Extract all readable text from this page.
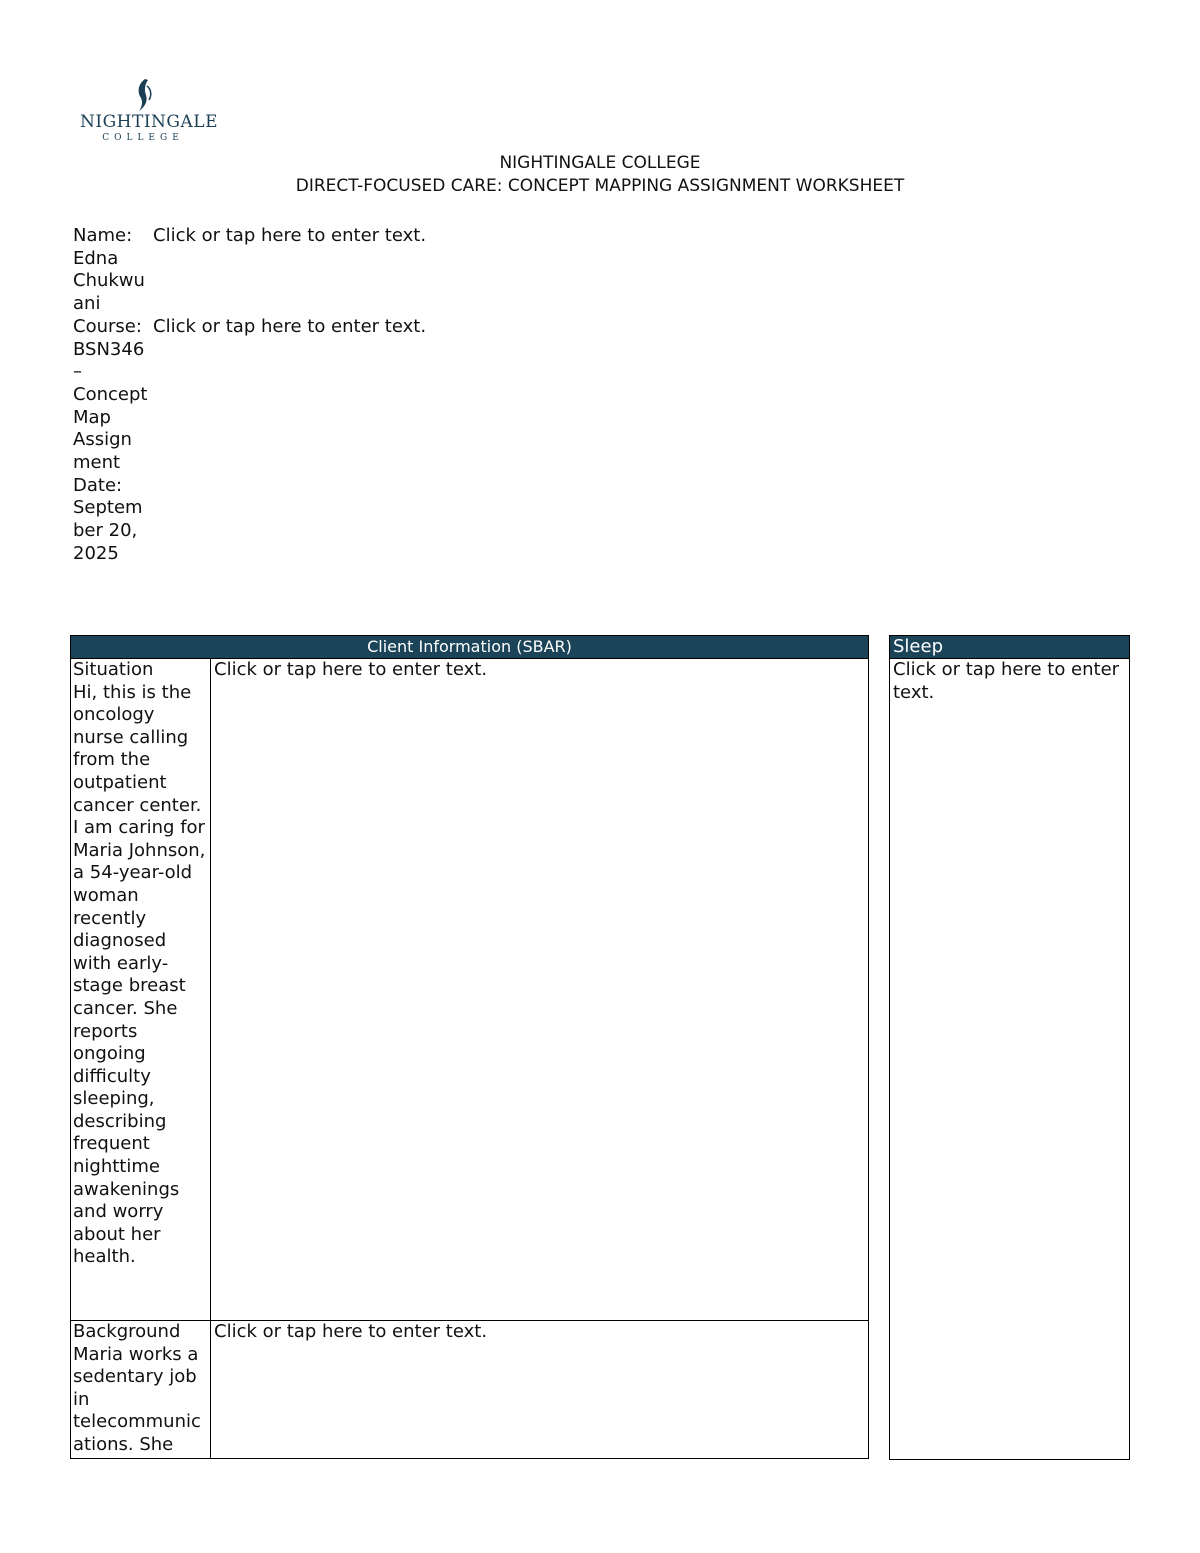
NIGHTINGALE
COLLEGE
NIGHTINGALE COLLEGE
DIRECT-FOCUSED CARE: CONCEPT MAPPING ASSIGNMENT WORKSHEET
Name: Edna Chukwuani
Click or tap here to enter text.
Course: BSN346 – Concept Map Assignment Date: September 20, 2025
Click or tap here to enter text.
Client Information (SBAR)	

Situation
Hi, this is the oncology nurse calling from the outpatient cancer center. I am caring for Maria Johnson, a 54-year-old woman recently diagnosed with early-stage breast cancer. She reports ongoing difficulty sleeping, describing frequent nighttime awakenings and worry about her health.	Click or tap here to enter text.

Background
Maria works a sedentary job in telecommunications. She	Click or tap here to enter text.
Sleep
Click or tap here to enter text.
